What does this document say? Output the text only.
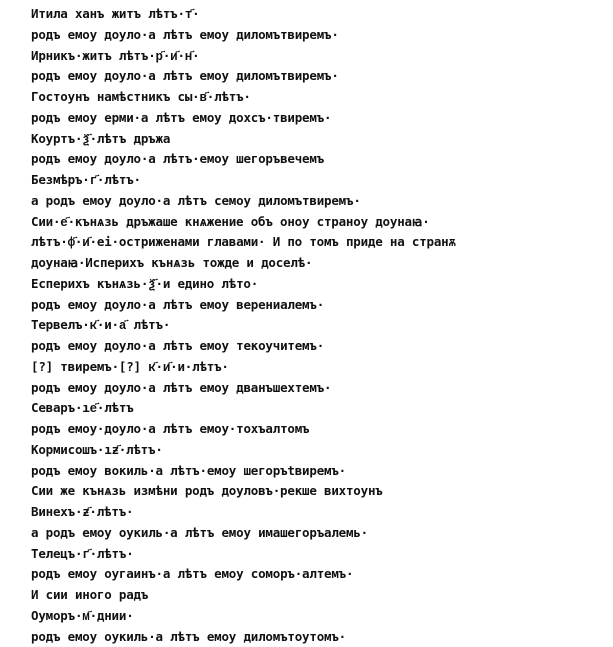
Итила ханъ житъ лѣтъ·т҃·
родъ емоу доуло·а лѣтъ емоу диломътвиремъ·
Ирникъ·житъ лѣтъ·р҃·и҃·н҃·
родъ емоу доуло·а лѣтъ емоу диломътвиремъ·
Гостоунъ намѣстникъ сы·в҃·лѣтъ·
родъ емоу ерми·а лѣтъ емоу дохсъ·твиремъ·
Коуртъ·ѯ҃·лѣтъ дръжа
родъ емоу доуло·а лѣтъ·емоу шегоръвечемъ
Безмѣръ·г҃·лѣтъ·
а родъ емоу доуло·а лѣтъ семоу диломътвиремъ·
Сии·е҃·кънѧзь дръжаше кнѧжение объ оноу странoу доунаꙗ·
лѣтъ·ф҃·и҃·еі·остриженами главами· И по томъ приде на странѫ
доунаꙗ·Исперихъ кънѧзь тожде и доселѣ·
Есперихъ кънѧзь·ѯ҃·и едино лѣто·
родъ емоу доуло·а лѣтъ емоу верениалемъ·
Тервелъ·к҃·и·а҃ лѣтъ·
родъ емоу доуло·а лѣтъ емоу текоучитемъ·
[?] твиремъ·[?] к҃·и҃·и·лѣтъ·
родъ емоу доуло·а лѣтъ емоу дванъшехтемъ·
Севаръ·ıе҃·лѣтъ
родъ емоу·доуло·а лѣтъ емоу·тохъалтомъ
Кормисошъ·ıƶ҃·лѣтъ·
родъ емоу вокиль·а лѣтъ·емоу шегоръtвиремъ·
Сии же кънѧзь измѣни родъ доуловъ·рекше вихтоунъ
Винехъ·ƶ҃·лѣтъ·
а родъ емоу оукиль·а лѣтъ емоу имашегоръалемь·
Телецъ·г҃·лѣтъ·
родъ емоу оугаинъ·а лѣтъ емоу соморъ·алтемъ·
И сии иного радъ
Оуморъ·м҃·днии·
родъ емоу оукиль·а лѣтъ емоу диломътоутомъ·
